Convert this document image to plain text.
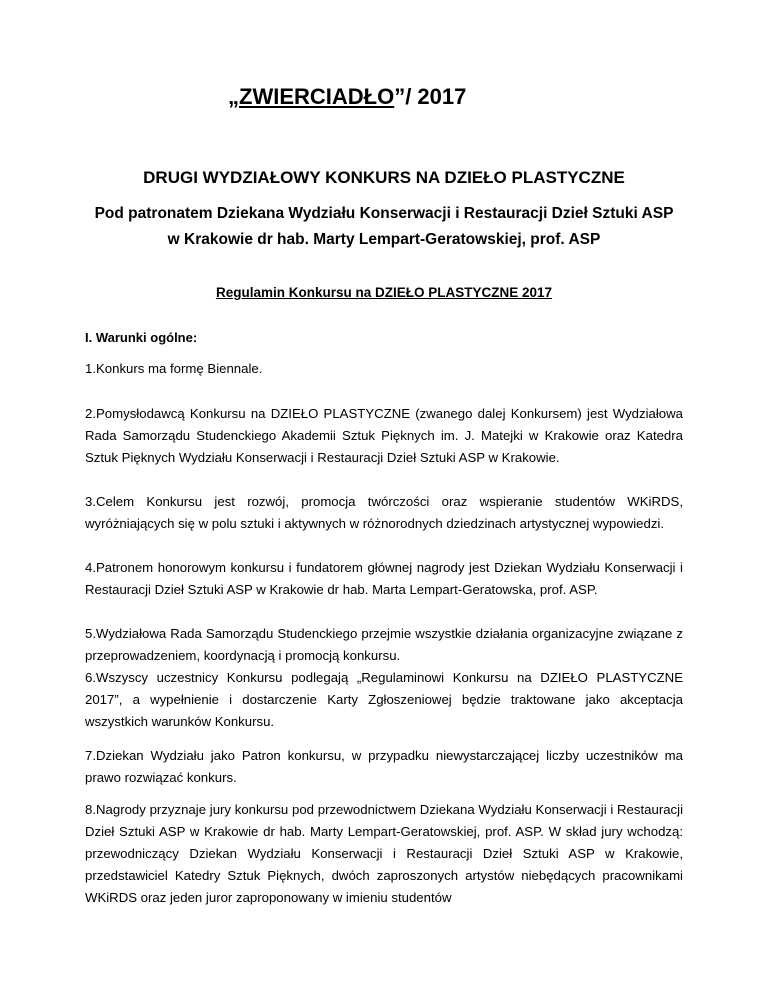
„ZWIERCIADŁO”/ 2017
DRUGI WYDZIAŁOWY KONKURS NA DZIEŁO PLASTYCZNE
Pod patronatem Dziekana Wydziału Konserwacji i Restauracji Dzieł Sztuki ASP
w Krakowie dr hab. Marty Lempart-Geratowskiej, prof. ASP
Regulamin Konkursu na DZIEŁO PLASTYCZNE 2017
I. Warunki ogólne:

1.Konkurs ma formę Biennale.

2.Pomysłodawcą Konkursu na DZIEŁO PLASTYCZNE (zwanego dalej Konkursem) jest Wydziałowa Rada Samorządu Studenckiego Akademii Sztuk Pięknych im. J. Matejki w Krakowie oraz Katedra Sztuk Pięknych Wydziału Konserwacji i Restauracji Dzieł Sztuki ASP w Krakowie.

3.Celem Konkursu jest rozwój, promocja twórczości oraz wspieranie studentów WKiRDS, wyróżniających się w polu sztuki i aktywnych w różnorodnych dziedzinach artystycznej wypowiedzi.

4.Patronem honorowym konkursu i fundatorem głównej nagrody jest Dziekan Wydziału Konserwacji i Restauracji Dzieł Sztuki ASP w Krakowie dr hab. Marta Lempart-Geratowska, prof. ASP.

5.Wydziałowa Rada Samorządu Studenckiego przejmie wszystkie działania organizacyjne związane z przeprowadzeniem, koordynacją i promocją konkursu.

6.Wszyscy uczestnicy Konkursu podlegają „Regulaminowi Konkursu na DZIEŁO PLASTYCZNE 2017”, a wypełnienie i dostarczenie Karty Zgłoszeniowej będzie traktowane jako akceptacja wszystkich warunków Konkursu.

7.Dziekan Wydziału jako Patron konkursu, w przypadku niewystarczającej liczby uczestników ma prawo rozwiązać konkurs.

8.Nagrody przyznaje jury konkursu pod przewodnictwem Dziekana Wydziału Konserwacji i Restauracji Dzieł Sztuki ASP w Krakowie dr hab. Marty Lempart-Geratowskiej, prof. ASP. W skład jury wchodzą: przewodniczący Dziekan Wydziału Konserwacji i Restauracji Dzieł Sztuki ASP w Krakowie, przedstawiciel Katedry Sztuk Pięknych, dwóch zaproszonych artystów niebędących pracownikami WKiRDS oraz jeden juror zaproponowany w imieniu studentów
